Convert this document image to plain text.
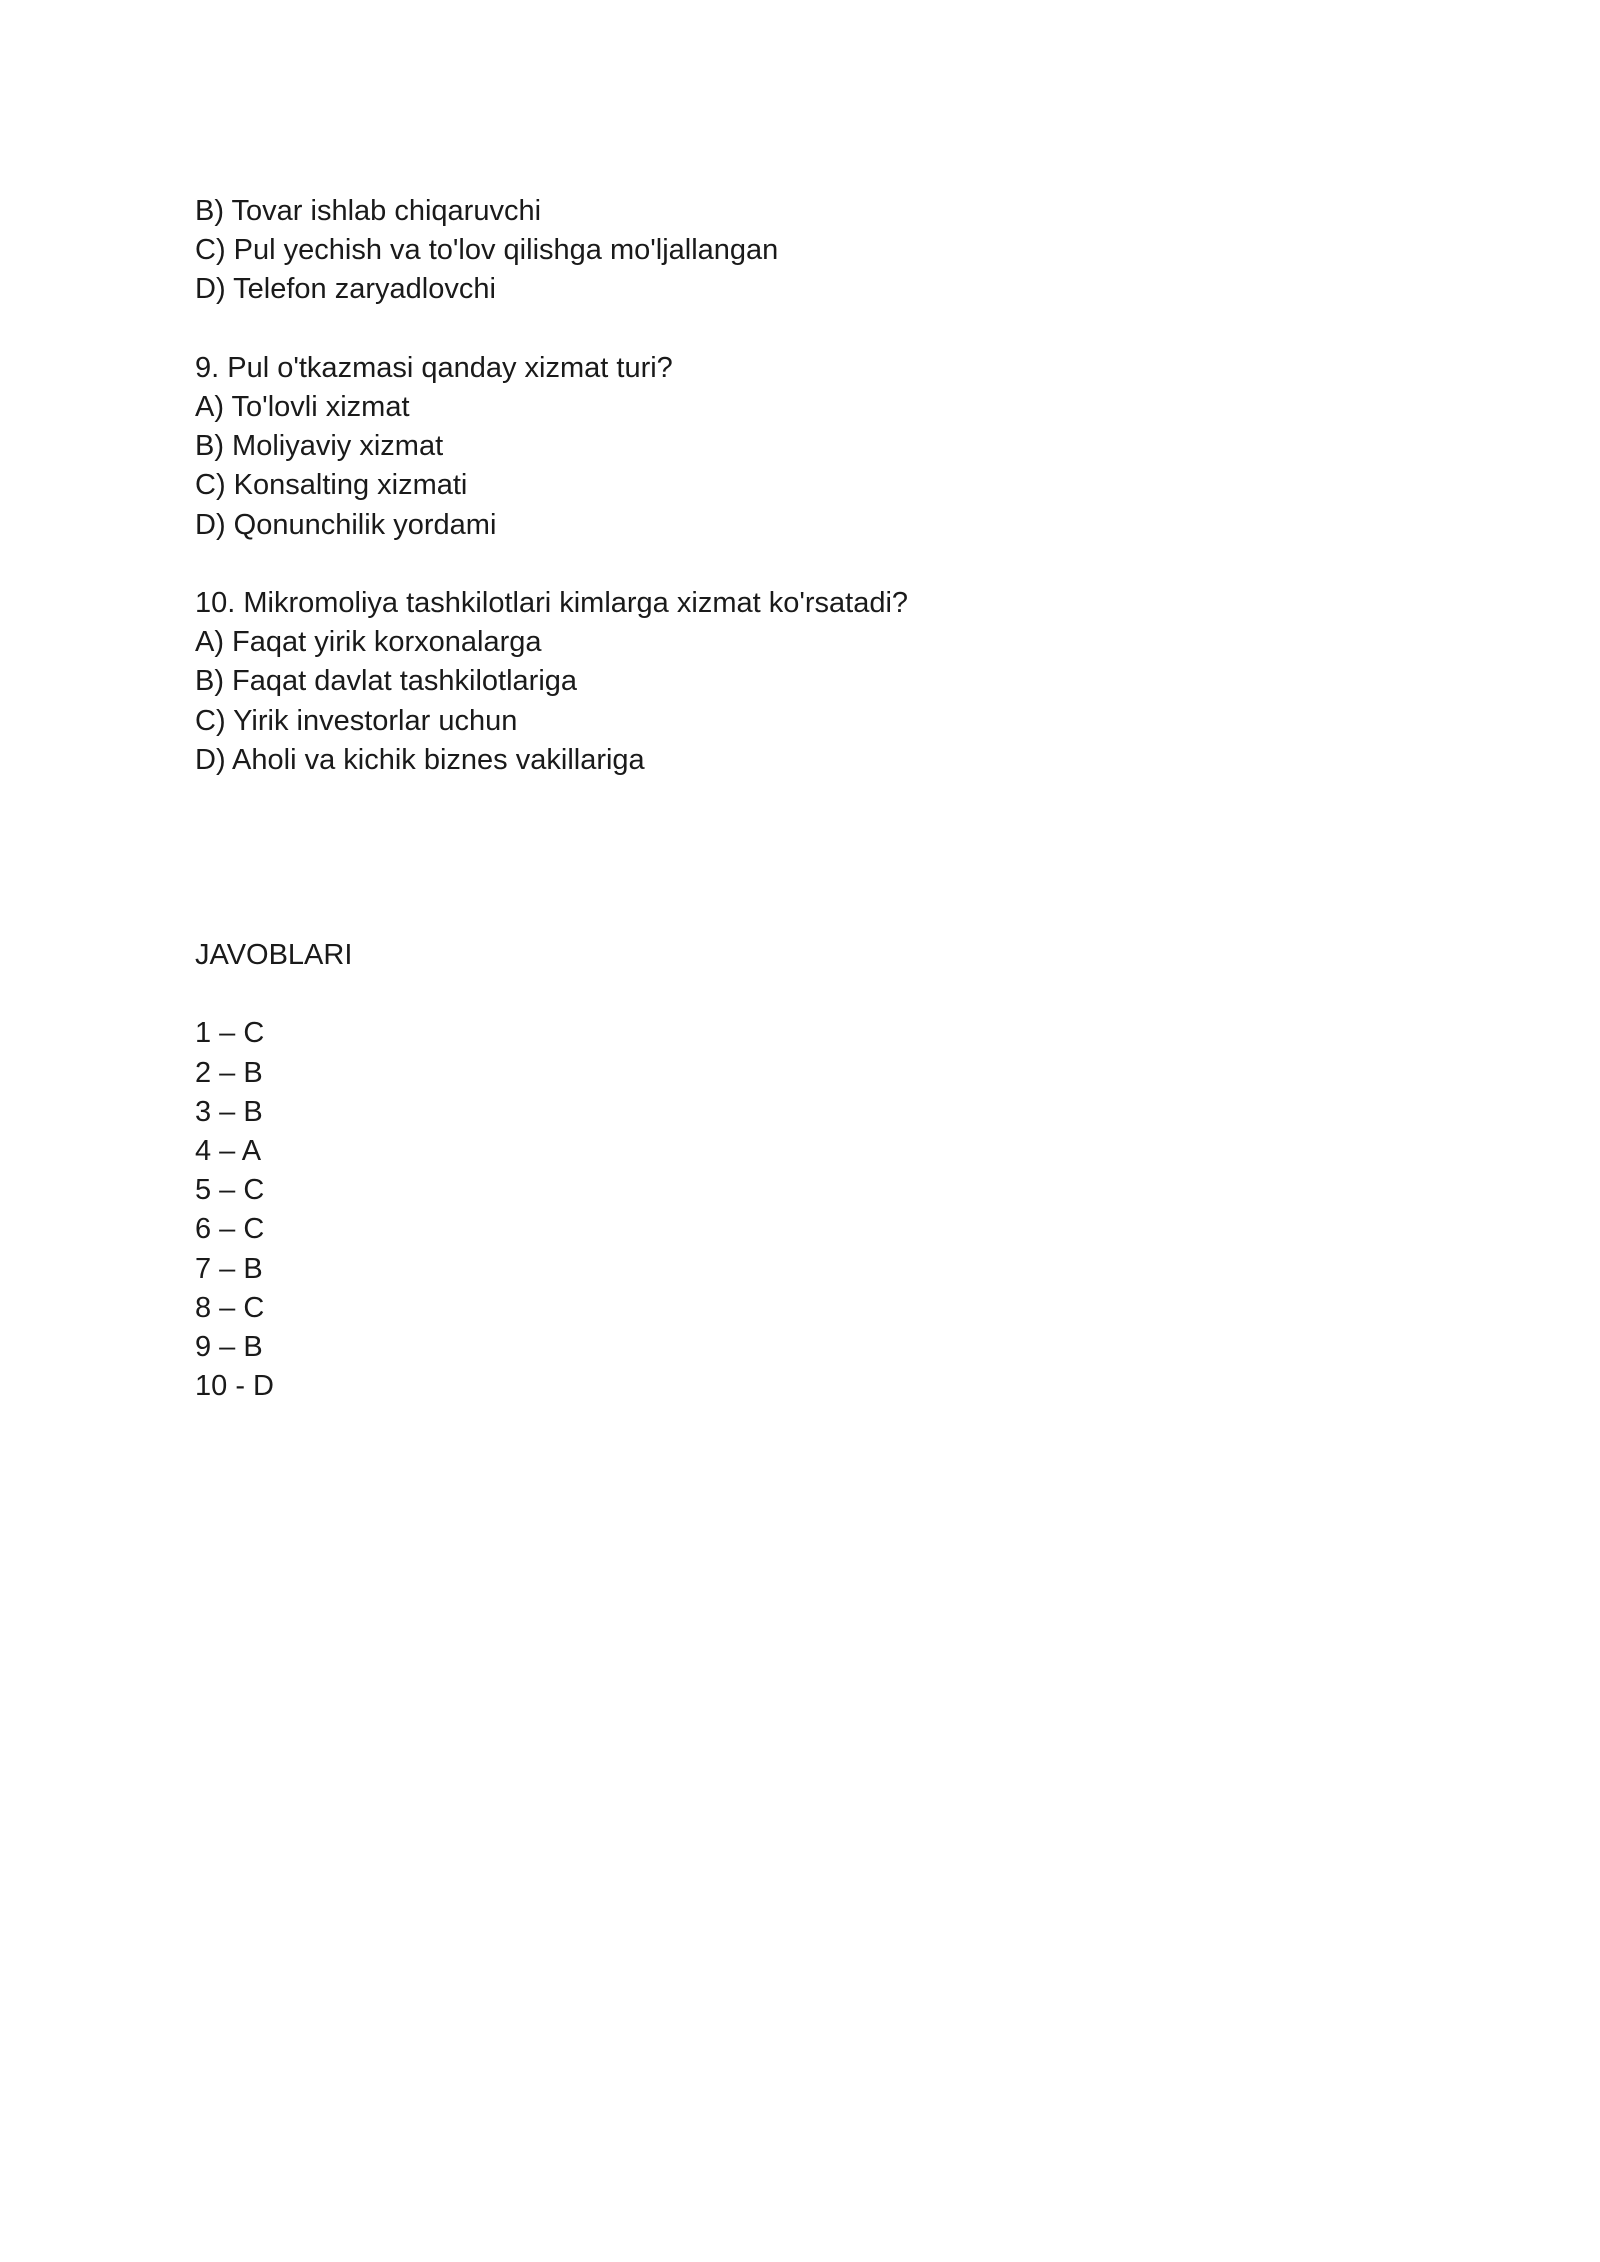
B) Tovar ishlab chiqaruvchi
C) Pul yechish va to'lov qilishga mo'ljallangan
D) Telefon zaryadlovchi
9. Pul o'tkazmasi qanday xizmat turi?
A) To'lovli xizmat
B) Moliyaviy xizmat
C) Konsalting xizmati
D) Qonunchilik yordami
10. Mikromoliya tashkilotlari kimlarga xizmat ko'rsatadi?
A) Faqat yirik korxonalarga
B) Faqat davlat tashkilotlariga
C) Yirik investorlar uchun
D) Aholi va kichik biznes vakillariga
JAVOBLARI
1 – C
2 – B
3 – B
4 – A
5 – C
6 – C
7 – B
8 – C
9 – B
10 - D
